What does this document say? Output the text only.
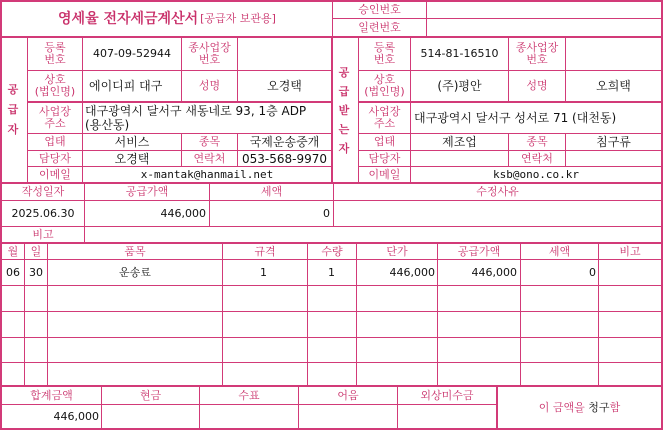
영세율 전자세금계산서 [공급자 보관용]
승인번호
일련번호
공급자
등록
번호	407-09-52944	종사업장
번호
상호
(법인명)	에이디피 대구	성명	오경택
사업장
주소
대구광역시 달서구 새동네로 93, 1층 ADP
(용산동)
업태	서비스	종목	국제운송중개
담당자	오경택	연락처	053-568-9970
이메일	x-mantak@hanmail.net
공급받는자
등록
번호	514-81-16510	종사업장
번호
상호
(법인명)	(주)평안	성명	오희택
사업장
주소	대구광역시 달서구 성서로 71 (대천동)
업태	제조업	종목	침구류
담당자	연락처
이메일	ksb@ono.co.kr
작성일자	공급가액	세액	수정사유
2025.06.30	446,000	0
비고
월	일	품목	규격	수량	단가	공급가액	세액	비고
06 30	운송료	1	1	446,000	446,000	0
합계금액	현금	수표	어음	외상미수금
446,000
이 금액을 청구 함
